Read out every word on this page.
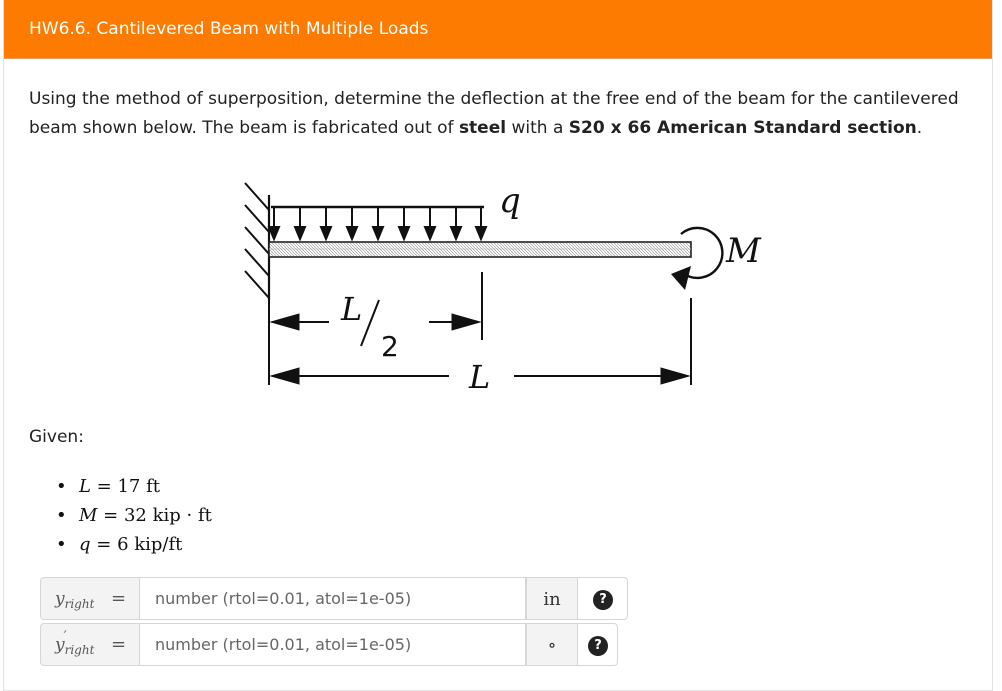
HW6.6. Cantilevered Beam with Multiple Loads
Using the method of superposition, determine the deflection at the free end of the beam for the cantilevered beam shown below. The beam is fabricated out of steel with a S20 x 66 American Standard section.
q
M
L
2
L
Given:
• L = 17 ft
• M = 32 kip · ft
• q = 6 kip/ft
$y_{right}$ =
number (rtol=0.01, atol=1e-05)	in	?
y ′
$_{right}$ =
number (rtol=0.01, atol=1e-05)	∘	?
